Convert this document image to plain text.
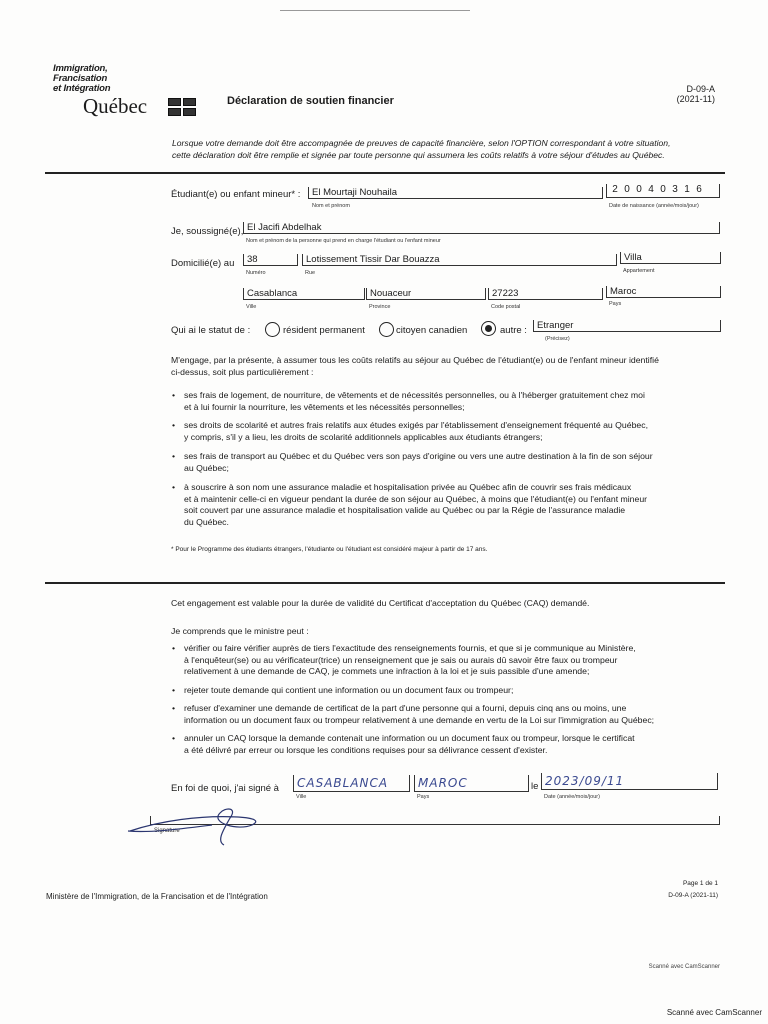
Immigration,
Francisation
et Intégration
Québec	Déclaration de soutien financier
D-09-A
(2021-11)
Lorsque votre demande doit être accompagnée de preuves de capacité financière, selon l'OPTION correspondant à votre situation,
cette déclaration doit être remplie et signée par toute personne qui assumera les coûts relatifs à votre séjour d'études au Québec.
Étudiant(e) ou enfant mineur* :	El Mourtaji Nouhaila
Nom et prénom
2 0 0 4 0 3 1 6
Date de naissance (année/mois/jour)
Je, soussigné(e), El Jacifi Abdelhak
Nom et prénom de la personne qui prend en charge l'étudiant ou l'enfant mineur
Domicilié(e) au	38
Numéro
Lotissement Tissir Dar Bouazza
Rue
Villa
Appartement
Casablanca
Ville
Nouaceur
Province
27223
Code postal
Maroc
Pays
Qui ai le statut de :	résident permanent	citoyen canadien	autre :	Etranger
(Précisez)
M'engage, par la présente, à assumer tous les coûts relatifs au séjour au Québec de l'étudiant(e) ou de l'enfant mineur identifié
ci-dessus, soit plus particulièrement :
• ses frais de logement, de nourriture, de vêtements et de nécessités personnelles, ou à l'héberger gratuitement chez moi
et à lui fournir la nourriture, les vêtements et les nécessités personnelles;
• ses droits de scolarité et autres frais relatifs aux études exigés par l'établissement d'enseignement fréquenté au Québec,
y compris, s'il y a lieu, les droits de scolarité additionnels applicables aux étudiants étrangers;
• ses frais de transport au Québec et du Québec vers son pays d'origine ou vers une autre destination à la fin de son séjour
au Québec;
• à souscrire à son nom une assurance maladie et hospitalisation privée au Québec afin de couvrir ses frais médicaux
et à maintenir celle-ci en vigueur pendant la durée de son séjour au Québec, à moins que l'étudiant(e) ou l'enfant mineur
soit couvert par une assurance maladie et hospitalisation valide au Québec ou par la Régie de l'assurance maladie
du Québec.
* Pour le Programme des étudiants étrangers, l'étudiante ou l'étudiant est considéré majeur à partir de 17 ans.
Cet engagement est valable pour la durée de validité du Certificat d'acceptation du Québec (CAQ) demandé.
Je comprends que le ministre peut :
• vérifier ou faire vérifier auprès de tiers l'exactitude des renseignements fournis, et que si je communique au Ministère,
à l'enquêteur(se) ou au vérificateur(trice) un renseignement que je sais ou aurais dû savoir être faux ou trompeur
relativement à une demande de CAQ, je commets une infraction à la loi et je suis passible d'une amende;
• rejeter toute demande qui contient une information ou un document faux ou trompeur;
• refuser d'examiner une demande de certificat de la part d'une personne qui a fourni, depuis cinq ans ou moins, une
information ou un document faux ou trompeur relativement à une demande en vertu de la Loi sur l'immigration au Québec;
• annuler un CAQ lorsque la demande contenait une information ou un document faux ou trompeur, lorsque le certificat
a été délivré par erreur ou lorsque les conditions requises pour sa délivrance cessent d'exister.
En foi de quoi, j'ai signé à	CASABLANCA
Ville
MAROC
Pays
le 2023/09/11
Date (année/mois/jour)
Signature
Ministère de l'Immigration, de la Francisation et de l'Intégration
Page 1 de 1
D-09-A (2021-11)
Scanné avec CamScanner
Scanné avec CamScanner
